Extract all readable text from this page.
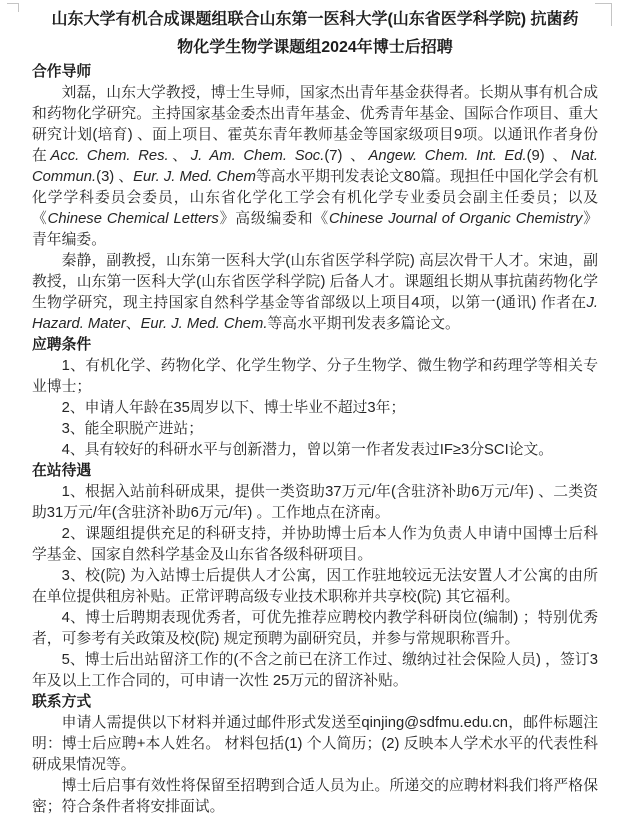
山东大学有机合成课题组联合山东第一医科大学(山东省医学科学院) 抗菌药
物化学生物学课题组2024年博士后招聘
合作导师
刘磊，山东大学教授，博士生导师，国家杰出青年基金获得者。长期从事有机合成和药物化学研究。主持国家基金委杰出青年基金、优秀青年基金、国际合作项目、重大研究计划(培育) 、面上项目、霍英东青年教师基金等国家级项目9项。以通讯作者身份在Acc. Chem. Res.、J. Am. Chem. Soc.(7) 、Angew. Chem. Int. Ed.(9) 、Nat. Commun.(3) 、Eur. J. Med. Chem等高水平期刊发表论文80篇。现担任中国化学会有机化学学科委员会委员，山东省化学化工学会有机化学专业委员会副主任委员；以及《Chinese Chemical Letters》高级编委和《Chinese Journal of Organic Chemistry》青年编委。
秦静，副教授，山东第一医科大学(山东省医学科学院) 高层次骨干人才。宋迪，副教授，山东第一医科大学(山东省医学科学院) 后备人才。课题组长期从事抗菌药物化学生物学研究，现主持国家自然科学基金等省部级以上项目4项，以第一(通讯) 作者在J. Hazard. Mater、Eur. J. Med. Chem.等高水平期刊发表多篇论文。
应聘条件
1、有机化学、药物化学、化学生物学、分子生物学、微生物学和药理学等相关专业博士；
2、申请人年龄在35周岁以下、博士毕业不超过3年；
3、能全职脱产进站；
4、具有较好的科研水平与创新潜力，曾以第一作者发表过IF≥3分SCI论文。
在站待遇
1、根据入站前科研成果，提供一类资助37万元/年(含驻济补助6万元/年) 、二类资助31万元/年(含驻济补助6万元/年) 。工作地点在济南。
2、课题组提供充足的科研支持，并协助博士后本人作为负责人申请中国博士后科学基金、国家自然科学基金及山东省各级科研项目。
3、校(院) 为入站博士后提供人才公寓，因工作驻地较远无法安置人才公寓的由所在单位提供租房补贴。正常评聘高级专业技术职称并共享校(院) 其它福利。
4、博士后聘期表现优秀者，可优先推荐应聘校内教学科研岗位(编制) ；特别优秀者，可参考有关政策及校(院) 规定预聘为副研究员，并参与常规职称晋升。
5、博士后出站留济工作的(不含之前已在济工作过、缴纳过社会保险人员) ，签订3年及以上工作合同的，可申请一次性 25万元的留济补贴。
联系方式
申请人需提供以下材料并通过邮件形式发送至qinjing@sdfmu.edu.cn，邮件标题注明：博士后应聘+本人姓名。 材料包括(1) 个人简历；(2) 反映本人学术水平的代表性科研成果情况等。
博士后启事有效性将保留至招聘到合适人员为止。所递交的应聘材料我们将严格保密；符合条件者将安排面试。
